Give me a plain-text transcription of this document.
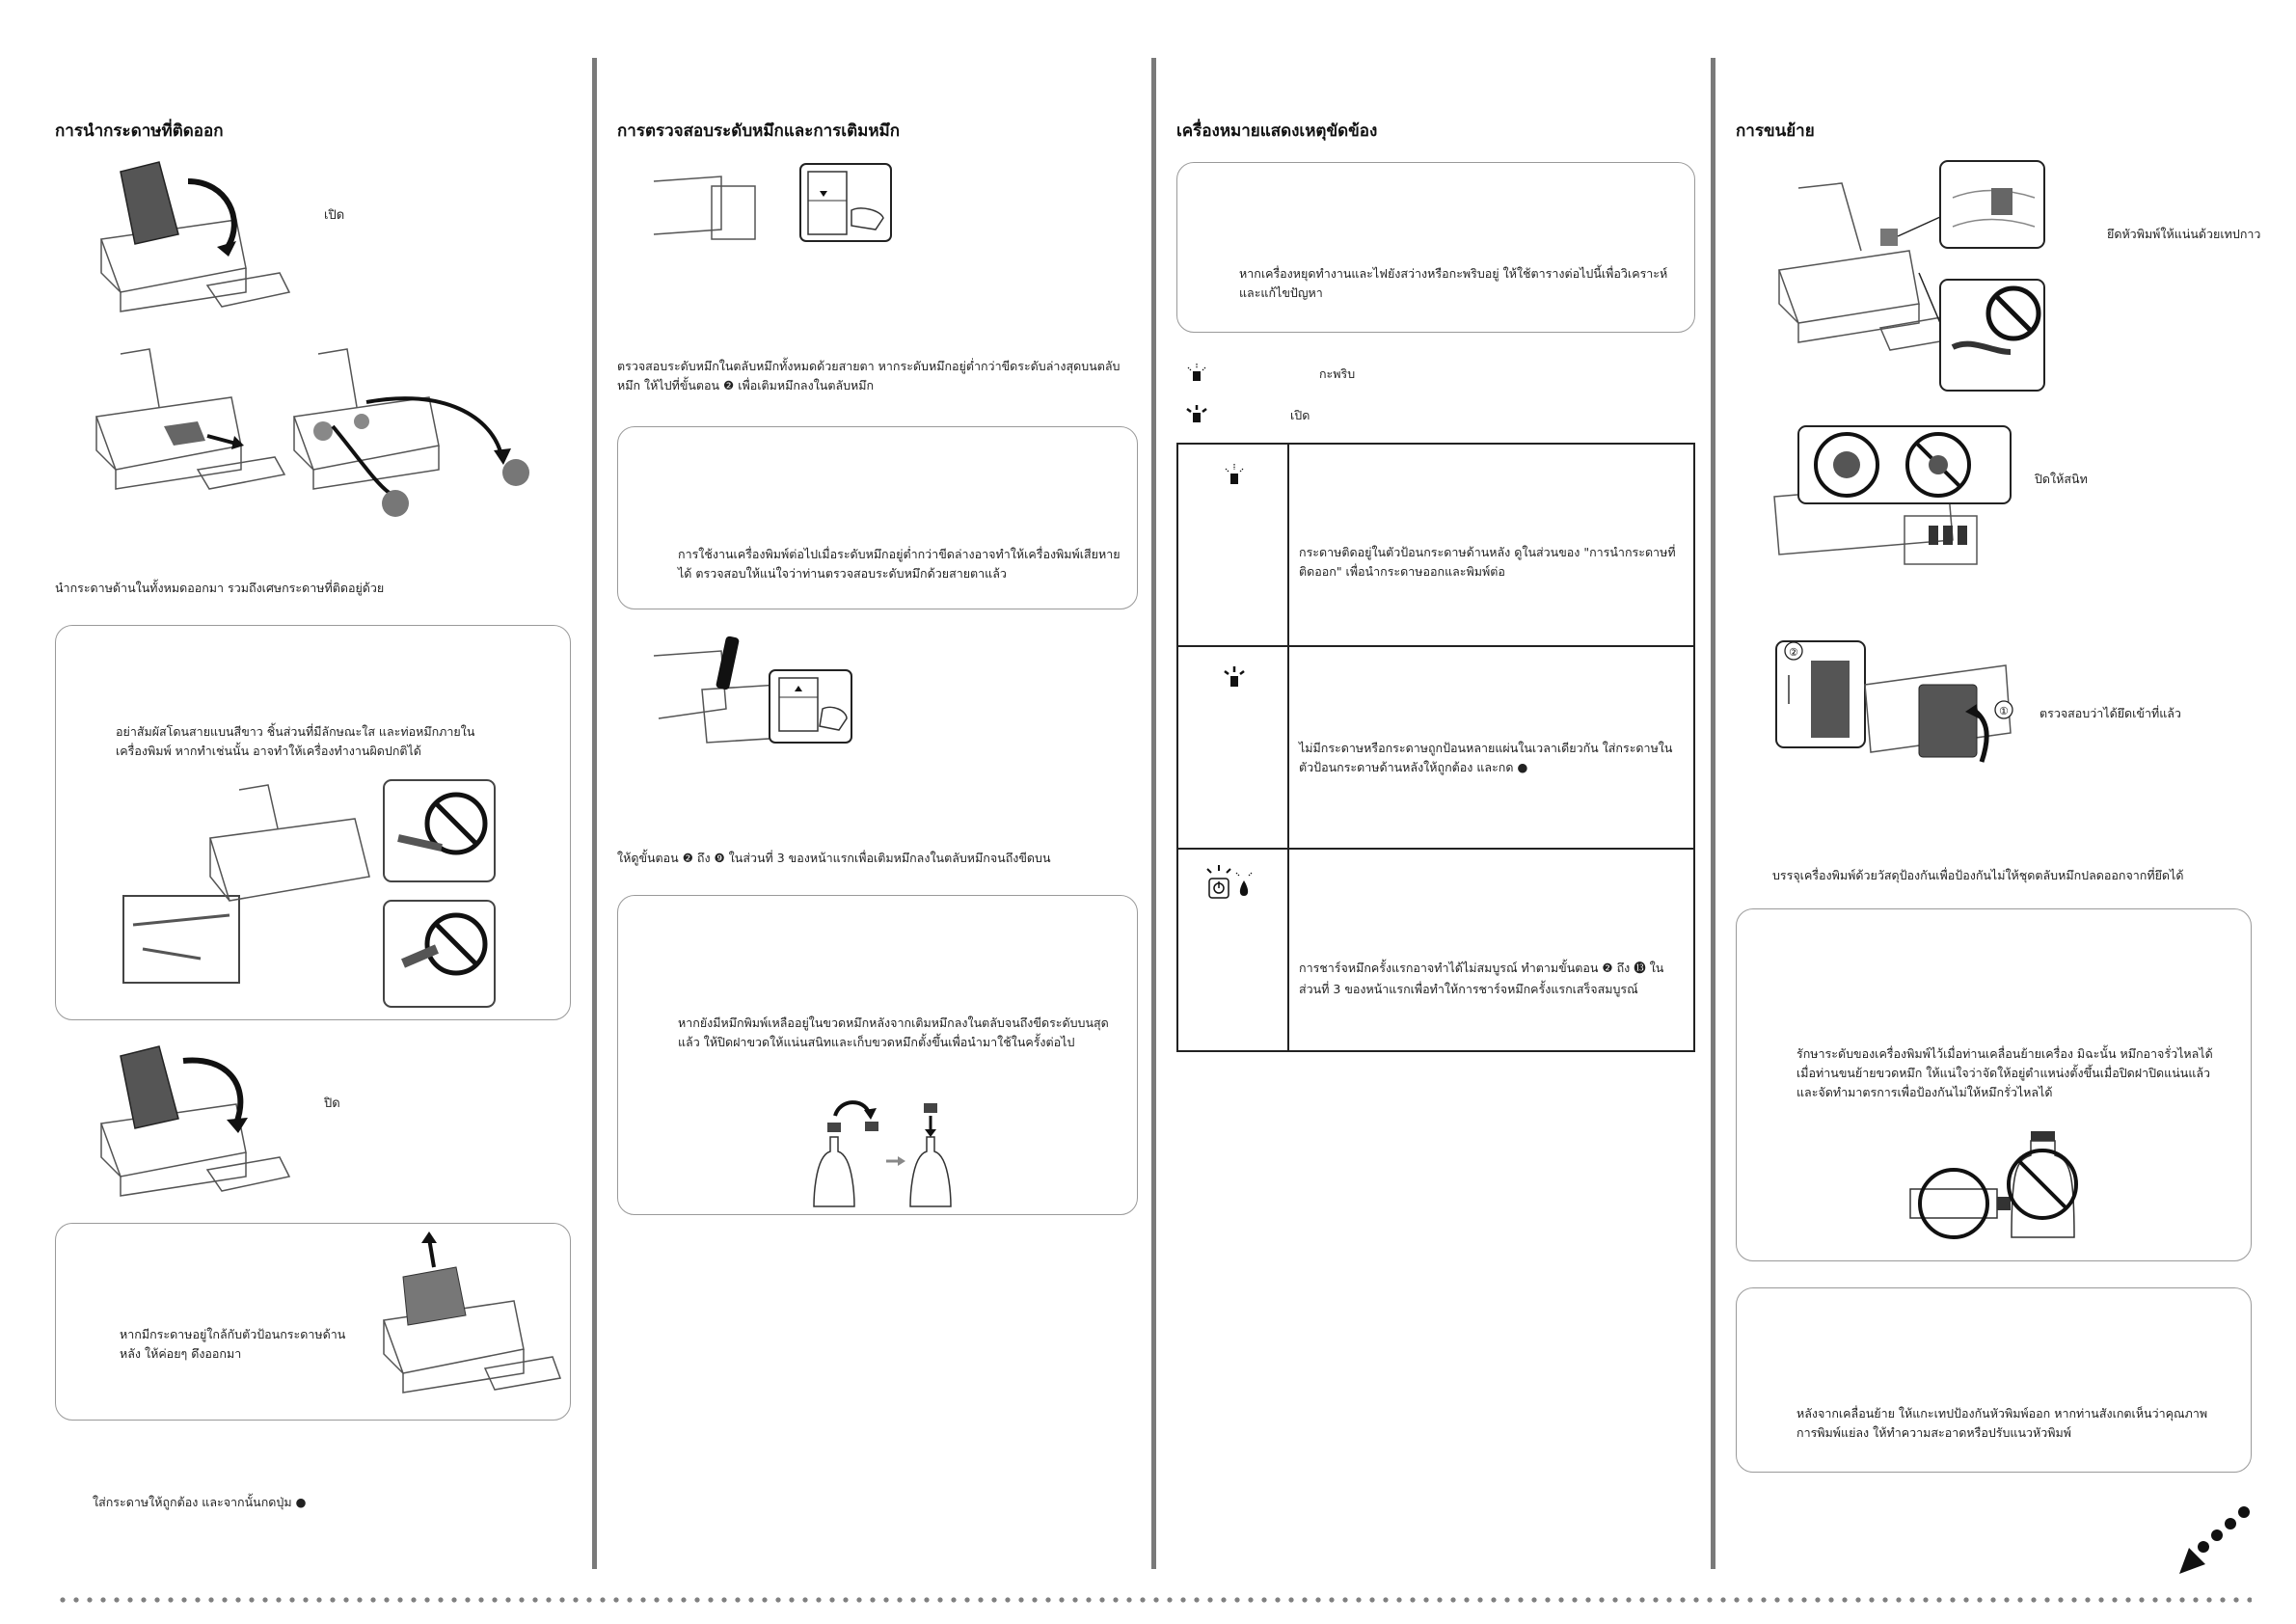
การนำกระดาษที่ติดออก
เปิด
นำกระดาษด้านในทั้งหมดออกมา รวมถึงเศษกระดาษที่ติดอยู่ด้วย
อย่าสัมผัสโดนสายแบนสีขาว ชิ้นส่วนที่มีลักษณะใส และท่อหมึกภายในเครื่องพิมพ์ หากทำเช่นนั้น อาจทำให้เครื่องทำงานผิดปกติได้
ปิด
หากมีกระดาษอยู่ใกล้กับตัวป้อนกระดาษด้านหลัง ให้ค่อยๆ ดึงออกมา
ใส่กระดาษให้ถูกต้อง และจากนั้นกดปุ่ม ●
การตรวจสอบระดับหมึกและการเติมหมึก
ตรวจสอบระดับหมึกในตลับหมึกทั้งหมดด้วยสายตา หากระดับหมึกอยู่ต่ำกว่าขีดระดับล่างสุดบนตลับหมึก ให้ไปที่ขั้นตอน ❷ เพื่อเติมหมึกลงในตลับหมึก
การใช้งานเครื่องพิมพ์ต่อไปเมื่อระดับหมึกอยู่ต่ำกว่าขีดล่างอาจทำให้เครื่องพิมพ์เสียหายได้ ตรวจสอบให้แน่ใจว่าท่านตรวจสอบระดับหมึกด้วยสายตาแล้ว
ให้ดูขั้นตอน ❷ ถึง ❾ ในส่วนที่ 3 ของหน้าแรกเพื่อเติมหมึกลงในตลับหมึกจนถึงขีดบน
หากยังมีหมึกพิมพ์เหลืออยู่ในขวดหมึกหลังจากเติมหมึกลงในตลับจนถึงขีดระดับบนสุดแล้ว ให้ปิดฝาขวดให้แน่นสนิทและเก็บขวดหมึกตั้งขึ้นเพื่อนำมาใช้ในครั้งต่อไป
เครื่องหมายแสดงเหตุขัดข้อง
หากเครื่องหยุดทำงานและไฟยังสว่างหรือกะพริบอยู่ ให้ใช้ตารางต่อไปนี้เพื่อวิเคราะห์และแก้ไขปัญหา
กะพริบ
เปิด

กระดาษติดอยู่ในตัวป้อนกระดาษด้านหลัง ดูในส่วนของ "การนำกระดาษที่ติดออก" เพื่อนำกระดาษออกและพิมพ์ต่อ

ไม่มีกระดาษหรือกระดาษถูกป้อนหลายแผ่นในเวลาเดียวกัน ใส่กระดาษในตัวป้อนกระดาษด้านหลังให้ถูกต้อง และกด ●

การชาร์จหมึกครั้งแรกอาจทำได้ไม่สมบูรณ์ ทำตามขั้นตอน ❷ ถึง ⓭ ในส่วนที่ 3 ของหน้าแรกเพื่อทำให้การชาร์จหมึกครั้งแรกเสร็จสมบูรณ์
การขนย้าย
ยึดหัวพิมพ์ให้แน่นด้วยเทปกาว
ปิดให้สนิท
①
②
ตรวจสอบว่าได้ยึดเข้าที่แล้ว
บรรจุเครื่องพิมพ์ด้วยวัสดุป้องกันเพื่อป้องกันไม่ให้ชุดตลับหมึกปลดออกจากที่ยึดได้
รักษาระดับของเครื่องพิมพ์ไว้เมื่อท่านเคลื่อนย้ายเครื่อง มิฉะนั้น หมึกอาจรั่วไหลได้ เมื่อท่านขนย้ายขวดหมึก ให้แน่ใจว่าจัดให้อยู่ตำแหน่งตั้งขึ้นเมื่อปิดฝาปิดแน่นแล้ว และจัดทำมาตรการเพื่อป้องกันไม่ให้หมึกรั่วไหลได้
หลังจากเคลื่อนย้าย ให้แกะเทปป้องกันหัวพิมพ์ออก หากท่านสังเกตเห็นว่าคุณภาพการพิมพ์แย่ลง ให้ทำความสะอาดหรือปรับแนวหัวพิมพ์
